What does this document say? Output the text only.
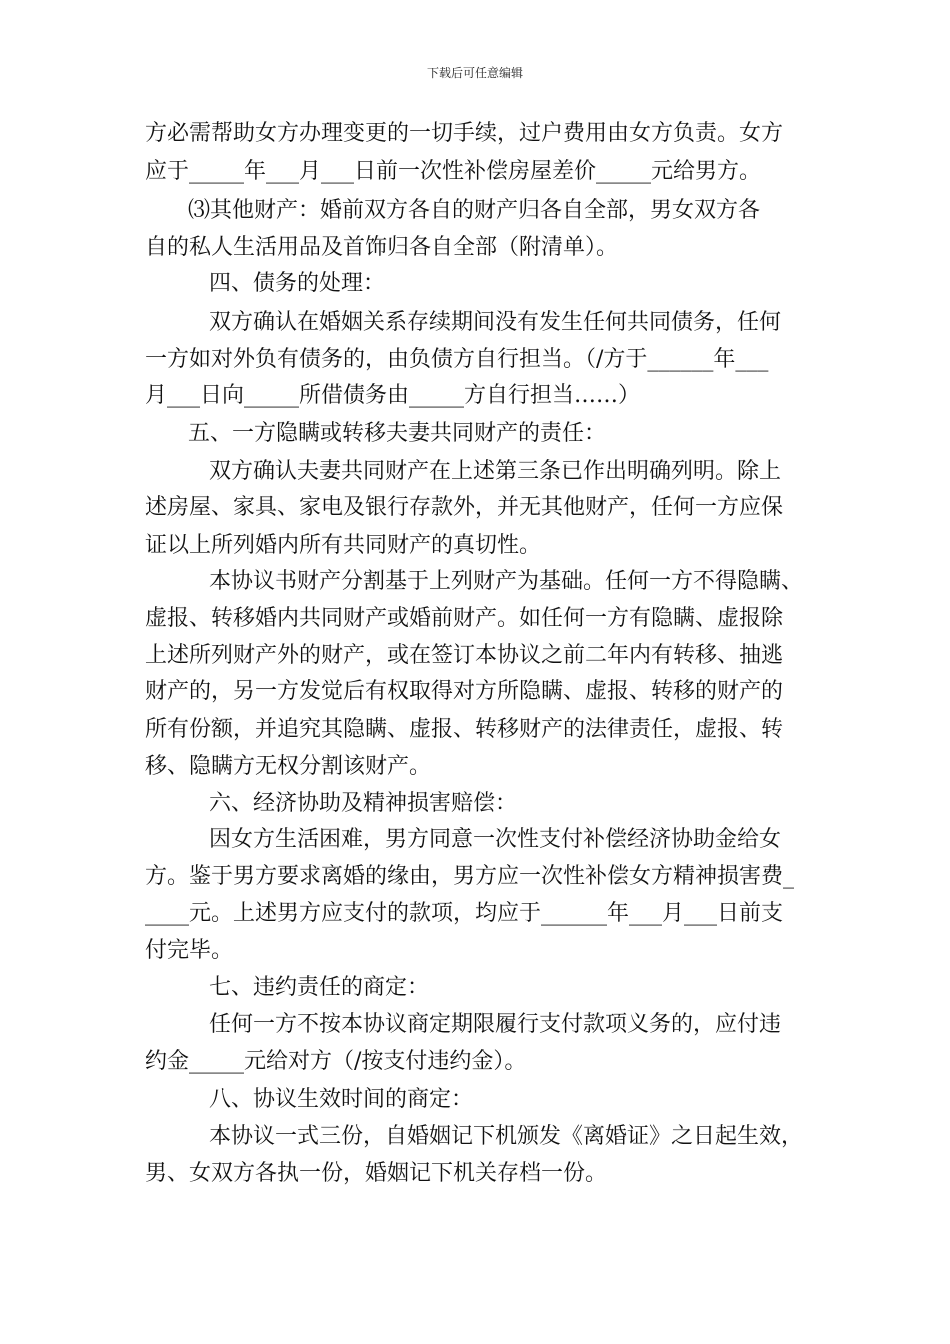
下载后可任意编辑
方必需帮助女方办理变更的一切手续，过户费用由女方负责。女方
应于_____年___月___日前一次性补偿房屋差价_____元给男方。
⑶其他财产：婚前双方各自的财产归各自全部，男女双方各
自的私人生活用品及首饰归各自全部（附清单）。
四、债务的处理：
双方确认在婚姻关系存续期间没有发生任何共同债务，任何
一方如对外负有债务的，由负债方自行担当。（/方于______年___
月___日向_____所借债务由_____方自行担当……）
五、一方隐瞒或转移夫妻共同财产的责任：
双方确认夫妻共同财产在上述第三条已作出明确列明。除上
述房屋、家具、家电及银行存款外，并无其他财产，任何一方应保
证以上所列婚内所有共同财产的真切性。
本协议书财产分割基于上列财产为基础。任何一方不得隐瞒、
虚报、转移婚内共同财产或婚前财产。如任何一方有隐瞒、虚报除
上述所列财产外的财产，或在签订本协议之前二年内有转移、抽逃
财产的，另一方发觉后有权取得对方所隐瞒、虚报、转移的财产的
所有份额，并追究其隐瞒、虚报、转移财产的法律责任，虚报、转
移、隐瞒方无权分割该财产。
六、经济协助及精神损害赔偿：
因女方生活困难，男方同意一次性支付补偿经济协助金给女
方。鉴于男方要求离婚的缘由，男方应一次性补偿女方精神损害费_
____元。上述男方应支付的款项，均应于______年___月___日前支
付完毕。
七、违约责任的商定：
任何一方不按本协议商定期限履行支付款项义务的，应付违
约金_____元给对方（/按支付违约金）。
八、协议生效时间的商定：
本协议一式三份，自婚姻记下机颁发《离婚证》之日起生效，
男、女双方各执一份，婚姻记下机关存档一份。
